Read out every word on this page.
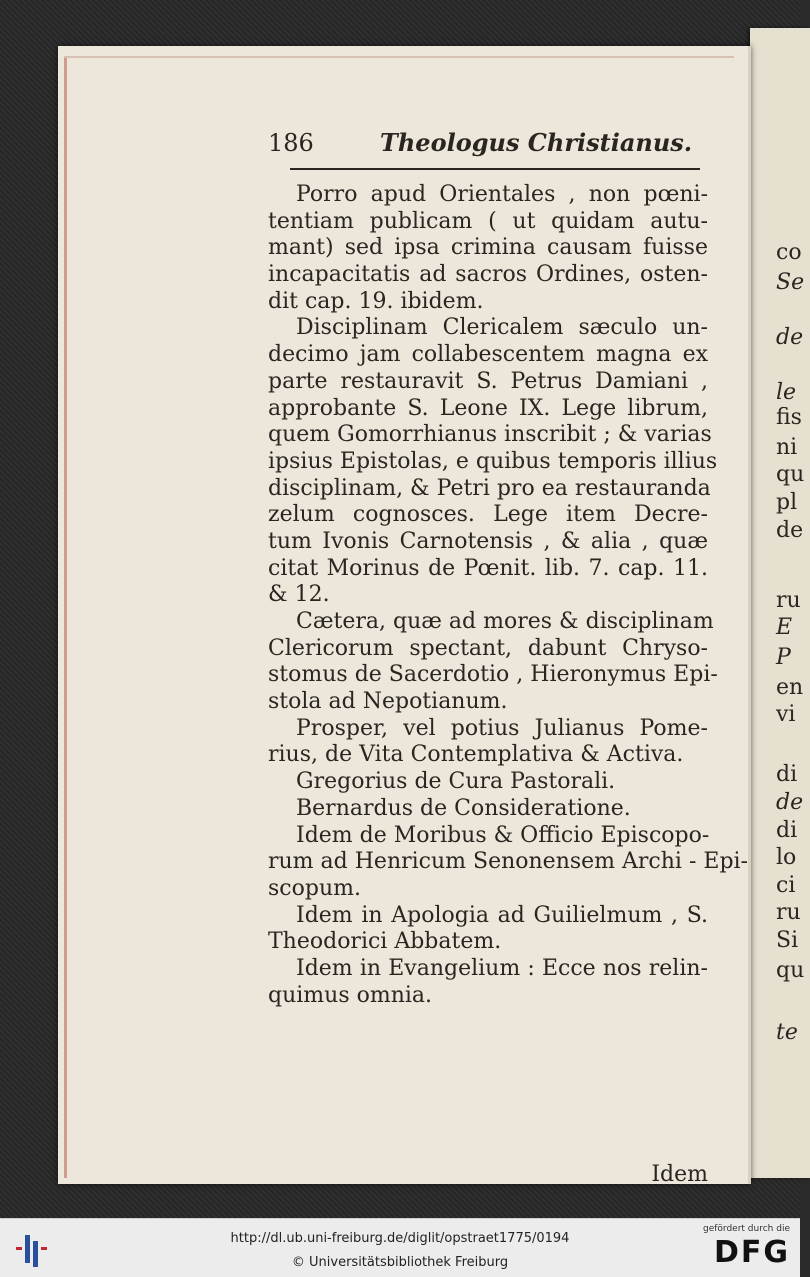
co
Se
de
le
fis
ni
qu
pl
de
ru
E
P
en
vi
di
de
di
lo
ci
ru
Si
qu
te
186	Theologus Christianus.
Porro apud Orientales , non pœni-
tentiam publicam ( ut quidam autu-
mant) sed ipsa crimina causam fuisse
incapacitatis ad sacros Ordines, osten-
dit cap. 19. ibidem.
Disciplinam Clericalem sæculo un-
decimo jam collabescentem magna ex
parte restauravit S. Petrus Damiani ,
approbante S. Leone IX. Lege librum,
quem Gomorrhianus inscribit ; & varias
ipsius Epistolas, e quibus temporis illius
disciplinam, & Petri pro ea restauranda
zelum cognosces. Lege item Decre-
tum Ivonis Carnotensis , & alia , quæ
citat Morinus de Pœnit. lib. 7. cap. 11.
& 12.
Cætera, quæ ad mores & disciplinam
Clericorum spectant, dabunt Chryso-
stomus de Sacerdotio , Hieronymus Epi-
stola ad Nepotianum.
Prosper, vel potius Julianus Pome-
rius, de Vita Contemplativa & Activa.
Gregorius de Cura Pastorali.
Bernardus de Consideratione.
Idem de Moribus & Officio Episcopo-
rum ad Henricum Senonensem Archi - Epi-
scopum.
Idem in Apologia ad Guilielmum , S.
Theodorici Abbatem.
Idem in Evangelium : Ecce nos relin-
quimus omnia.
Idem
http://dl.ub.uni-freiburg.de/diglit/opstraet1775/0194
© Universitätsbibliothek Freiburg
gefördert durch die
DFG
